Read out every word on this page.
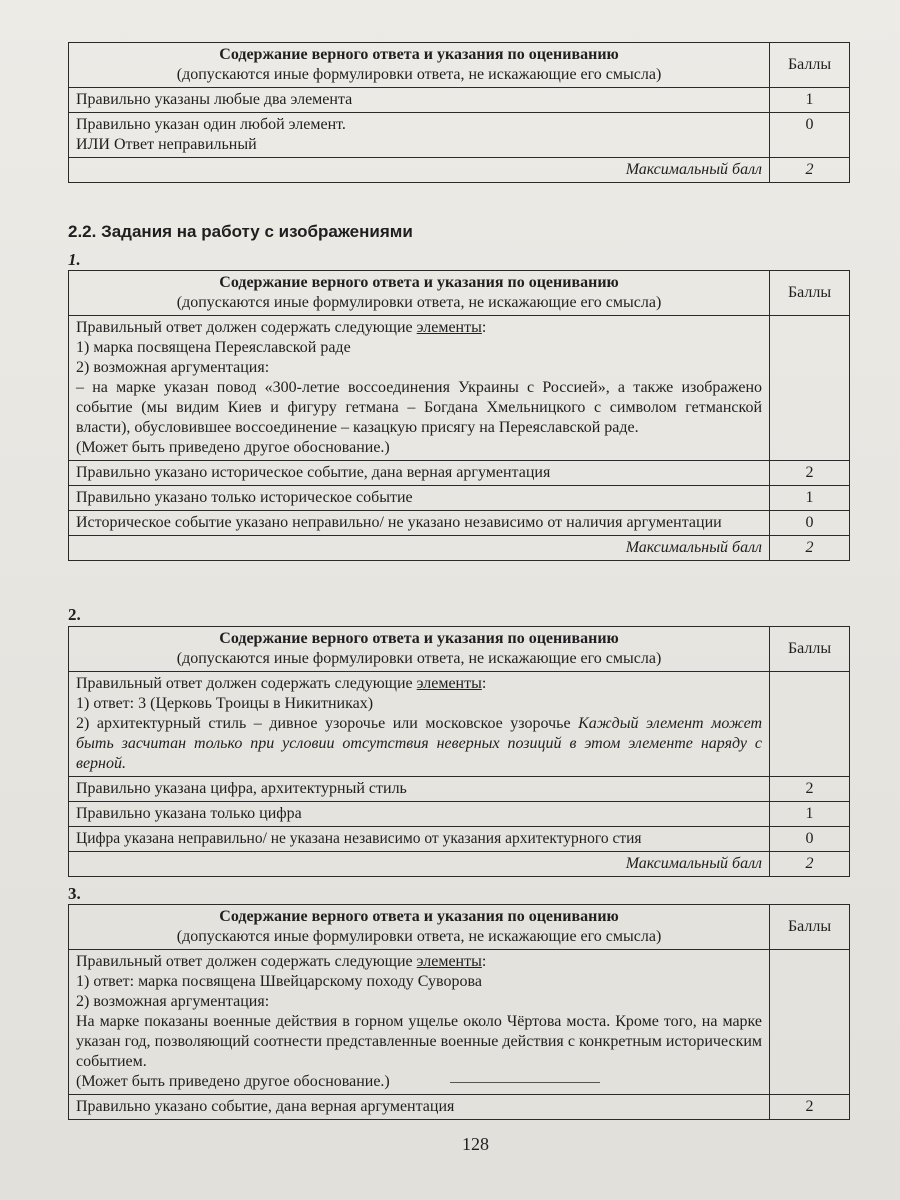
Содержание верного ответа и указания по оцениванию
(допускаются иные формулировки ответа, не искажающие его смысла)	Баллы
Правильно указаны любые два элемента	1

Правильно указан один любой элемент.
ИЛИ Ответ неправильный	0
Максимальный балл	2
2.2. Задания на работу с изображениями
1.
Содержание верного ответа и указания по оцениванию
(допускаются иные формулировки ответа, не искажающие его смысла)	Баллы

Правильный ответ должен содержать следующие элементы:
1) марка посвящена Переяславской раде
2) возможная аргументация:
– на марке указан повод «300-летие воссоединения Украины с Россией», а также изображено событие (мы видим Киев и фигуру гетмана – Богдана Хмельницкого с символом гетманской власти), обусловившее воссоединение – казацкую присягу на Переяславской раде.
(Может быть приведено другое обоснование.)	

Правильно указано историческое событие, дана верная аргументация	2
Правильно указано только историческое событие	1
Историческое событие указано неправильно/ не указано независимо от наличия аргументации	0
Максимальный балл	2
2.
Содержание верного ответа и указания по оцениванию
(допускаются иные формулировки ответа, не искажающие его смысла)	Баллы

Правильный ответ должен содержать следующие элементы:
1) ответ: 3 (Церковь Троицы в Никитниках)
2) архитектурный стиль – дивное узорочье или московское узорочье Каждый элемент может быть засчитан только при условии отсутствия неверных позиций в этом элементе наряду с верной.	

Правильно указана цифра, архитектурный стиль	2
Правильно указана только цифра	1
Цифра указана неправильно/ не указана независимо от указания архитектурного стия	0
Максимальный балл	2
3.
Содержание верного ответа и указания по оцениванию
(допускаются иные формулировки ответа, не искажающие его смысла)	Баллы

Правильный ответ должен содержать следующие элементы:
1) ответ: марка посвящена Швейцарскому походу Суворова
2) возможная аргументация:
На марке показаны военные действия в горном ущелье около Чёртова моста. Кроме того, на марке указан год, позволяющий соотнести представленные военные действия с конкретным историческим событием.
(Может быть приведено другое обоснование.)	

Правильно указано событие, дана верная аргументация	2
128
